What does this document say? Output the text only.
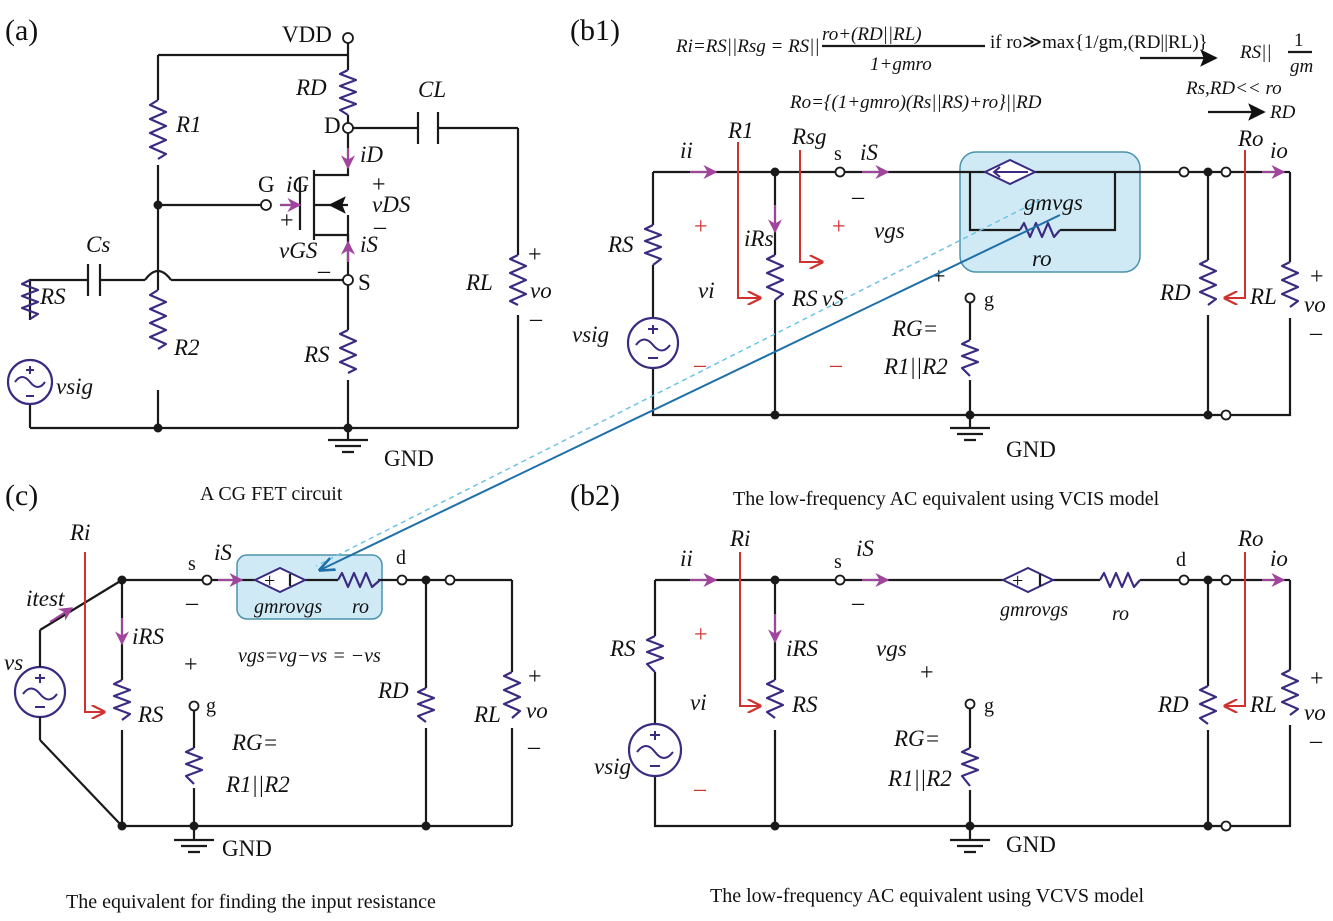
(a)	VDD
RD	CL
D
R1
iD
G iG	+
+
vDS
–
vGS iS
– S
Cs
RS
vsig
R2	RS
RL
+
vo
–
GND
A CG FET circuit
(b1)	Ri=RS||Rsg = RS||
ro+(RD||RL)
1+gmro
if ro≫max{1/gm,(RD||RL)} RS||
1
gm
Ro={(1+gmro)(Rs||RS)+ro}||RD
Rs,RD<< ro
RD
ii
R1 Rsg
s iS
–
Ro io
RS
+ iRs + vgs
gmvgs
ro
+
vi	RS vS	g	RD	RL
+
vo
–
vsig	RG=
R1||R2
–	–
GND
The low-frequency AC equivalent using VCIS model
(c)
+
Ri
s iS	d
itest	–	gmrovgs ro
iRS
vgs=vg−vs = −vs
+
vs
RS g
RD
RL
+
vo
–
RG=
R1||R2
GND
The equivalent for finding the input resistance
(b2)
+
ii
Ri
s
iS
–
d
Ro
io
gmrovgs ro
RS
+
iRS	vgs
+
vi	RS	g	RD	RL
+
vo
–
RG=
R1||R2
vsig
–
GND
The low-frequency AC equivalent using VCVS model
